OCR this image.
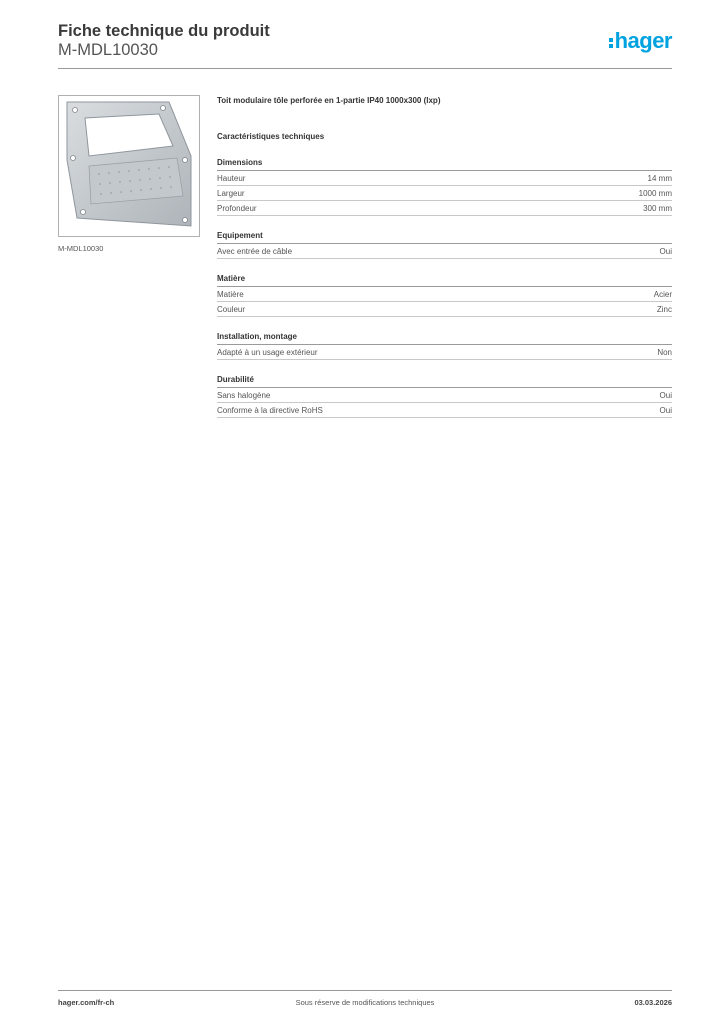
Fiche technique du produit
M-MDL10030	hager
M-MDL10030
Toit modulaire tôle perforée en 1-partie IP40 1000x300 (lxp)
Caractéristiques techniques
Dimensions
Hauteur	14 mm
Largeur	1000 mm
Profondeur	300 mm
Equipement
Avec entrée de câble	Oui
Matière
Matière	Acier
Couleur	Zinc
Installation, montage
Adapté à un usage extérieur	Non
Durabilité
Sans halogène	Oui
Conforme à la directive RoHS	Oui
hager.com/fr-ch	Sous réserve de modifications techniques	03.03.2026
